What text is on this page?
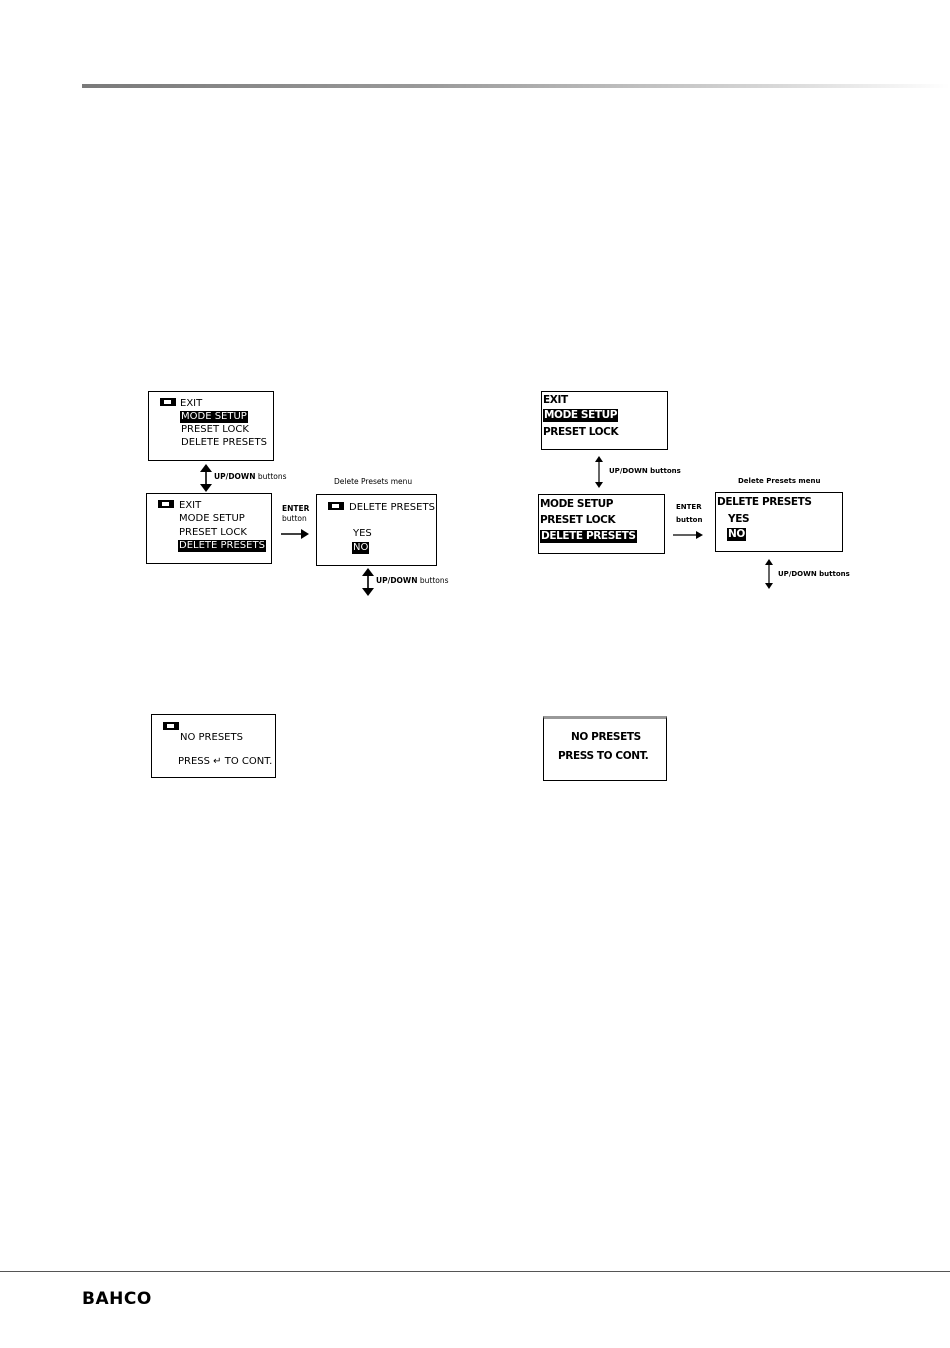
EXIT
MODE SETUP
PRESET LOCK
DELETE PRESETS
UP/DOWN buttons
EXIT
MODE SETUP
PRESET LOCK
DELETE PRESETS
ENTER
button
Delete Presets menu
DELETE PRESETS
YES
NO
UP/DOWN buttons
NO PRESETS
PRESS ↵ TO CONT.
EXIT
MODE SETUP
PRESET LOCK
UP/DOWN buttons
MODE SETUP
PRESET LOCK
DELETE PRESETS
ENTER
button
Delete Presets menu
DELETE PRESETS
YES
NO
UP/DOWN buttons
NO PRESETS
PRESS TO CONT.
BAHCO
